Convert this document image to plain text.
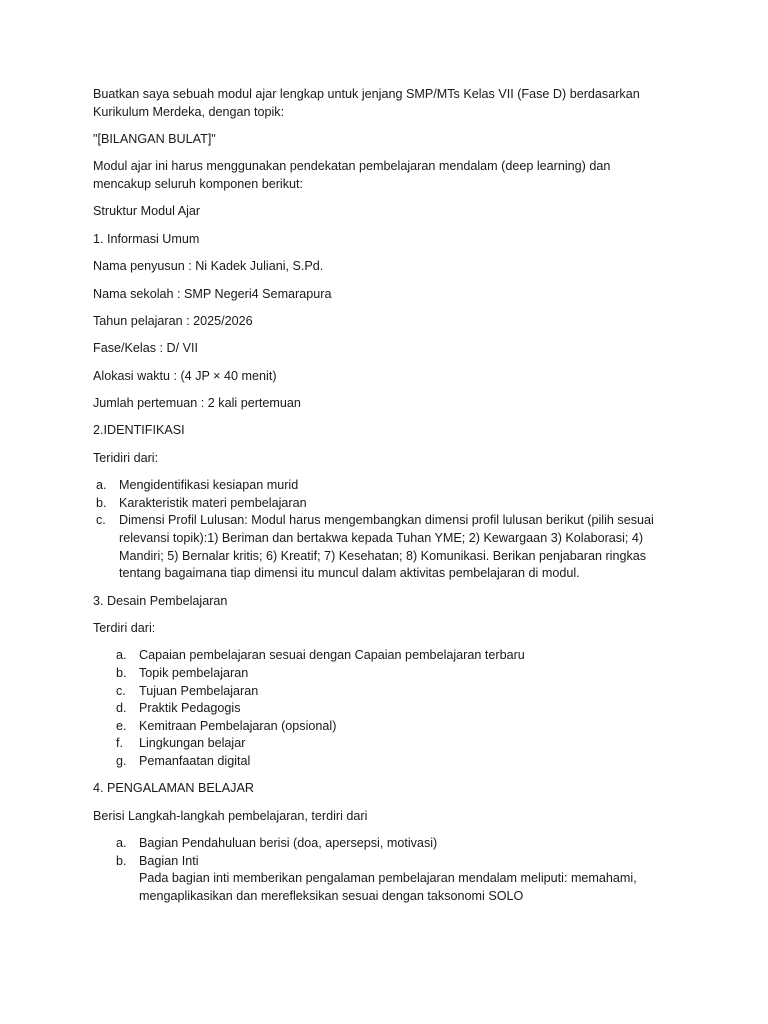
Buatkan saya sebuah modul ajar lengkap untuk jenjang SMP/MTs Kelas VII (Fase D) berdasarkan
Kurikulum Merdeka, dengan topik:

"[BILANGAN BULAT]"

Modul ajar ini harus menggunakan pendekatan pembelajaran mendalam (deep learning) dan
mencakup seluruh komponen berikut:

Struktur Modul Ajar

1. Informasi Umum

Nama penyusun : Ni Kadek Juliani, S.Pd.

Nama sekolah : SMP Negeri4 Semarapura

Tahun pelajaran : 2025/2026

Fase/Kelas : D/ VII

Alokasi waktu : (4 JP × 40 menit)

Jumlah pertemuan : 2 kali pertemuan

2.IDENTIFIKASI

Teridiri dari:

a. Mengidentifikasi kesiapan murid
b. Karakteristik materi pembelajaran
c. Dimensi Profil Lulusan: Modul harus mengembangkan dimensi profil lulusan berikut (pilih sesuai
relevansi topik):1) Beriman dan bertakwa kepada Tuhan YME; 2) Kewargaan 3) Kolaborasi; 4)
Mandiri; 5) Bernalar kritis; 6) Kreatif; 7) Kesehatan; 8) Komunikasi. Berikan penjabaran ringkas
tentang bagaimana tiap dimensi itu muncul dalam aktivitas pembelajaran di modul.

3. Desain Pembelajaran

Terdiri dari:

a. Capaian pembelajaran sesuai dengan Capaian pembelajaran terbaru
b. Topik pembelajaran
c. Tujuan Pembelajaran
d. Praktik Pedagogis
e. Kemitraan Pembelajaran (opsional)
f. Lingkungan belajar
g. Pemanfaatan digital

4. PENGALAMAN BELAJAR

Berisi Langkah-langkah pembelajaran, terdiri dari

a. Bagian Pendahuluan berisi (doa, apersepsi, motivasi)
b. Bagian Inti
Pada bagian inti memberikan pengalaman pembelajaran mendalam meliputi: memahami,
mengaplikasikan dan merefleksikan sesuai dengan taksonomi SOLO
